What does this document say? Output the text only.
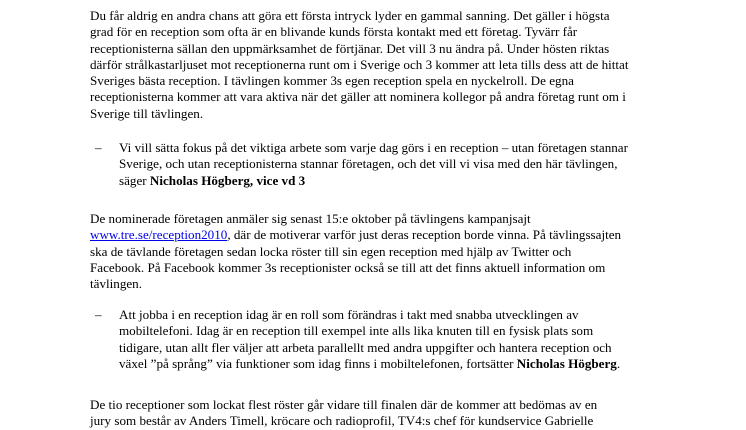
Du får aldrig en andra chans att göra ett första intryck lyder en gammal sanning. Det gäller i högsta
grad för en reception som ofta är en blivande kunds första kontakt med ett företag. Tyvärr får
receptionisterna sällan den uppmärksamhet de förtjänar. Det vill 3 nu ändra på. Under hösten riktas
därför strålkastarljuset mot receptionerna runt om i Sverige och 3 kommer att leta tills dess att de hittat
Sveriges bästa reception. I tävlingen kommer 3s egen reception spela en nyckelroll. De egna
receptionisterna kommer att vara aktiva när det gäller att nominera kollegor på andra företag runt om i
Sverige till tävlingen.
– Vi vill sätta fokus på det viktiga arbete som varje dag görs i en reception – utan företagen stannar
Sverige, och utan receptionisterna stannar företagen, och det vill vi visa med den här tävlingen,
säger Nicholas Högberg, vice vd 3
De nominerade företagen anmäler sig senast 15:e oktober på tävlingens kampanjsajt
www.tre.se/reception2010, där de motiverar varför just deras reception borde vinna. På tävlingssajten
ska de tävlande företagen sedan locka röster till sin egen reception med hjälp av Twitter och
Facebook. På Facebook kommer 3s receptionister också se till att det finns aktuell information om
tävlingen.
– Att jobba i en reception idag är en roll som förändras i takt med snabba utvecklingen av
mobiltelefoni. Idag är en reception till exempel inte alls lika knuten till en fysisk plats som
tidigare, utan allt fler väljer att arbeta parallellt med andra uppgifter och hantera reception och
växel ”på språng” via funktioner som idag finns i mobiltelefonen, fortsätter Nicholas Högberg.
De tio receptioner som lockat flest röster går vidare till finalen där de kommer att bedömas av en
jury som består av Anders Timell, kröcare och radioprofil, TV4:s chef för kundservice Gabrielle
